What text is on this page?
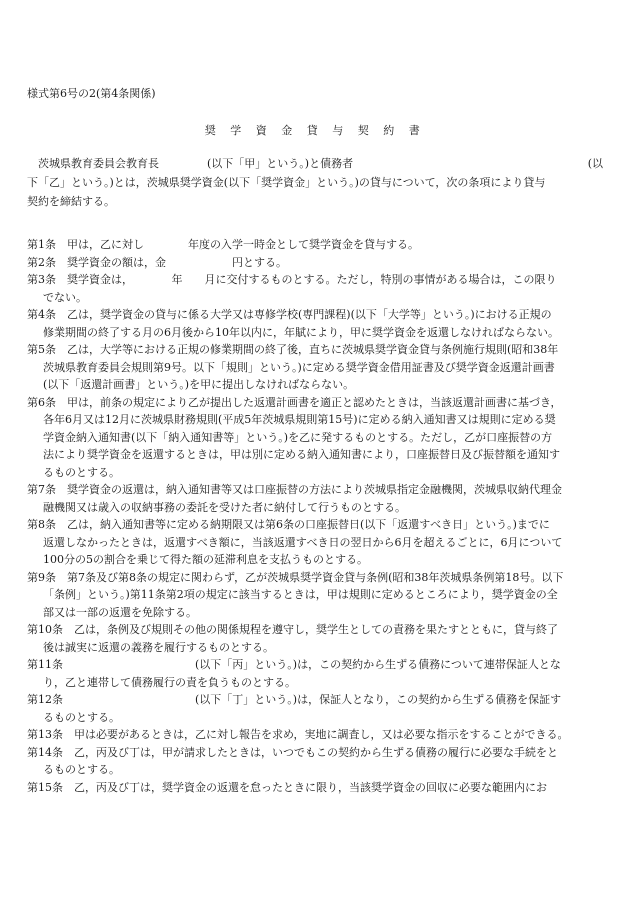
様式第6号の2(第4条関係)
奨 学 資 金 貸 与 契 約 書
茨城県教育委員会教育長	(以下「甲」という。)と債務者	(以
下「乙」という。)とは，茨城県奨学資金(以下「奨学資金」という。)の貸与について，次の条項により貸与
契約を締結する。
第1条　甲は，乙に対し　　　　年度の入学一時金として奨学資金を貸与する。
第2条　奨学資金の額は，金　　　　　　円とする。
第3条　奨学資金は，　　　　年　　月に交付するものとする。ただし，特別の事情がある場合は，この限り
でない。
第4条　乙は，奨学資金の貸与に係る大学又は専修学校(専門課程)(以下「大学等」という。)における正規の
修業期間の終了する月の6月後から10年以内に，年賦により，甲に奨学資金を返還しなければならない。
第5条　乙は，大学等における正規の修業期間の終了後，直ちに茨城県奨学資金貸与条例施行規則(昭和38年
茨城県教育委員会規則第9号。以下「規則」という。)に定める奨学資金借用証書及び奨学資金返還計画書
(以下「返還計画書」という。)を甲に提出しなければならない。
第6条　甲は，前条の規定により乙が提出した返還計画書を適正と認めたときは，当該返還計画書に基づき，
各年6月又は12月に茨城県財務規則(平成5年茨城県規則第15号)に定める納入通知書又は規則に定める奨
学資金納入通知書(以下「納入通知書等」という。)を乙に発するものとする。ただし，乙が口座振替の方
法により奨学資金を返還するときは，甲は別に定める納入通知書により，口座振替日及び振替額を通知す
るものとする。
第7条　奨学資金の返還は，納入通知書等又は口座振替の方法により茨城県指定金融機関，茨城県収納代理金
融機関又は歳入の収納事務の委託を受けた者に納付して行うものとする。
第8条　乙は，納入通知書等に定める納期限又は第6条の口座振替日(以下「返還すべき日」という。)までに
返還しなかったときは，返還すべき額に，当該返還すべき日の翌日から6月を超えるごとに，6月について
100分の5の割合を乗じて得た額の延滞利息を支払うものとする。
第9条　第7条及び第8条の規定に関わらず，乙が茨城県奨学資金貸与条例(昭和38年茨城県条例第18号。以下
「条例」という。)第11条第2項の規定に該当するときは，甲は規則に定めるところにより，奨学資金の全
部又は一部の返還を免除する。
第10条　乙は，条例及び規則その他の関係規程を遵守し，奨学生としての責務を果たすとともに，貸与終了
後は誠実に返還の義務を履行するものとする。
第11条　　　　　　　　　　　　(以下「丙」という。)は，この契約から生ずる債務について連帯保証人とな
り，乙と連帯して債務履行の責を負うものとする。
第12条　　　　　　　　　　　　(以下「丁」という。)は，保証人となり，この契約から生ずる債務を保証す
るものとする。
第13条　甲は必要があるときは，乙に対し報告を求め，実地に調査し，又は必要な指示をすることができる。
第14条　乙，丙及び丁は，甲が請求したときは，いつでもこの契約から生ずる債務の履行に必要な手続をと
るものとする。
第15条　乙，丙及び丁は，奨学資金の返還を怠ったときに限り，当該奨学資金の回収に必要な範囲内にお
